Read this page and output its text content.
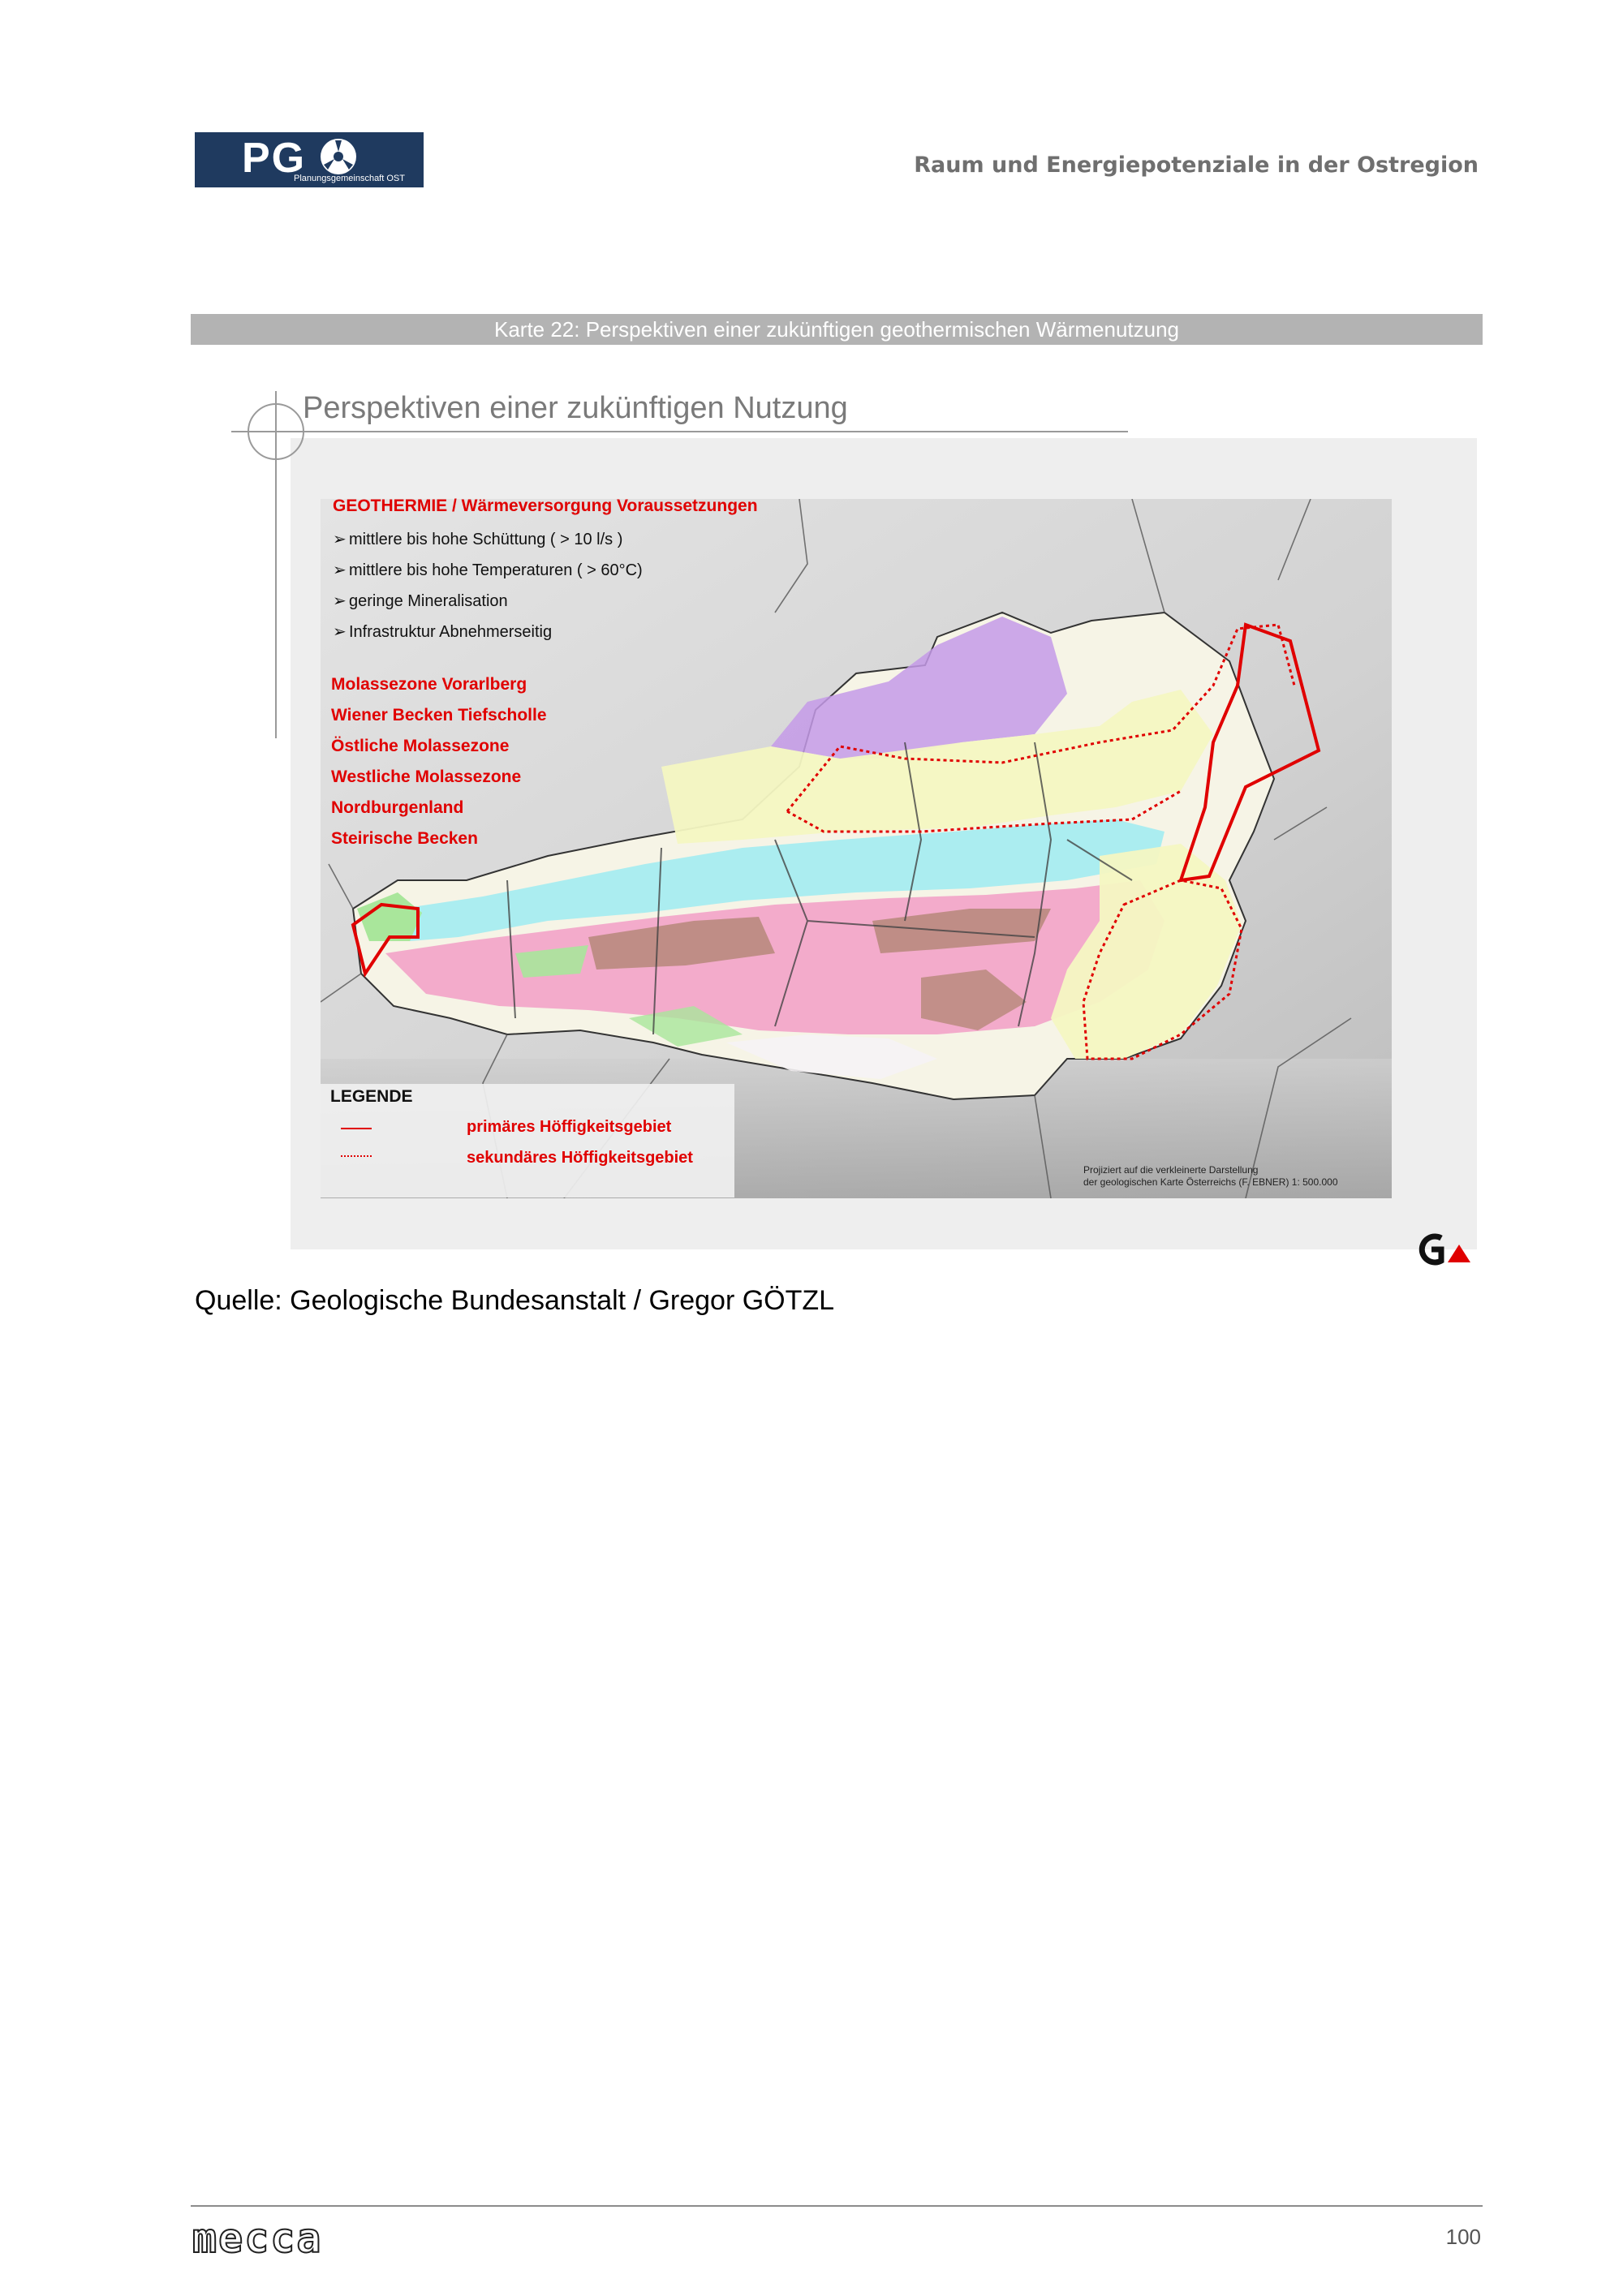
PG
Planungsgemeinschaft OST
Raum und Energiepotenziale in der Ostregion
Karte 22: Perspektiven einer zukünftigen geothermischen Wärmenutzung
Perspektiven einer zukünftigen Nutzung
GEOTHERMIE / Wärmeversorgung Voraussetzungen
➢ mittlere bis hohe Schüttung ( > 10 l/s )
➢ mittlere bis hohe Temperaturen ( > 60°C)
➢ geringe Mineralisation
➢ Infrastruktur Abnehmerseitig
Molassezone Vorarlberg
Wiener Becken Tiefscholle
Östliche Molassezone
Westliche Molassezone
Nordburgenland
Steirische Becken
LEGENDE
primäres Höffigkeitsgebiet
sekundäres Höffigkeitsgebiet
Projiziert auf die verkleinerte Darstellung
der geologischen Karte Österreichs (F. EBNER) 1: 500.000
Quelle: Geologische Bundesanstalt / Gregor GÖTZL
mecca	100
